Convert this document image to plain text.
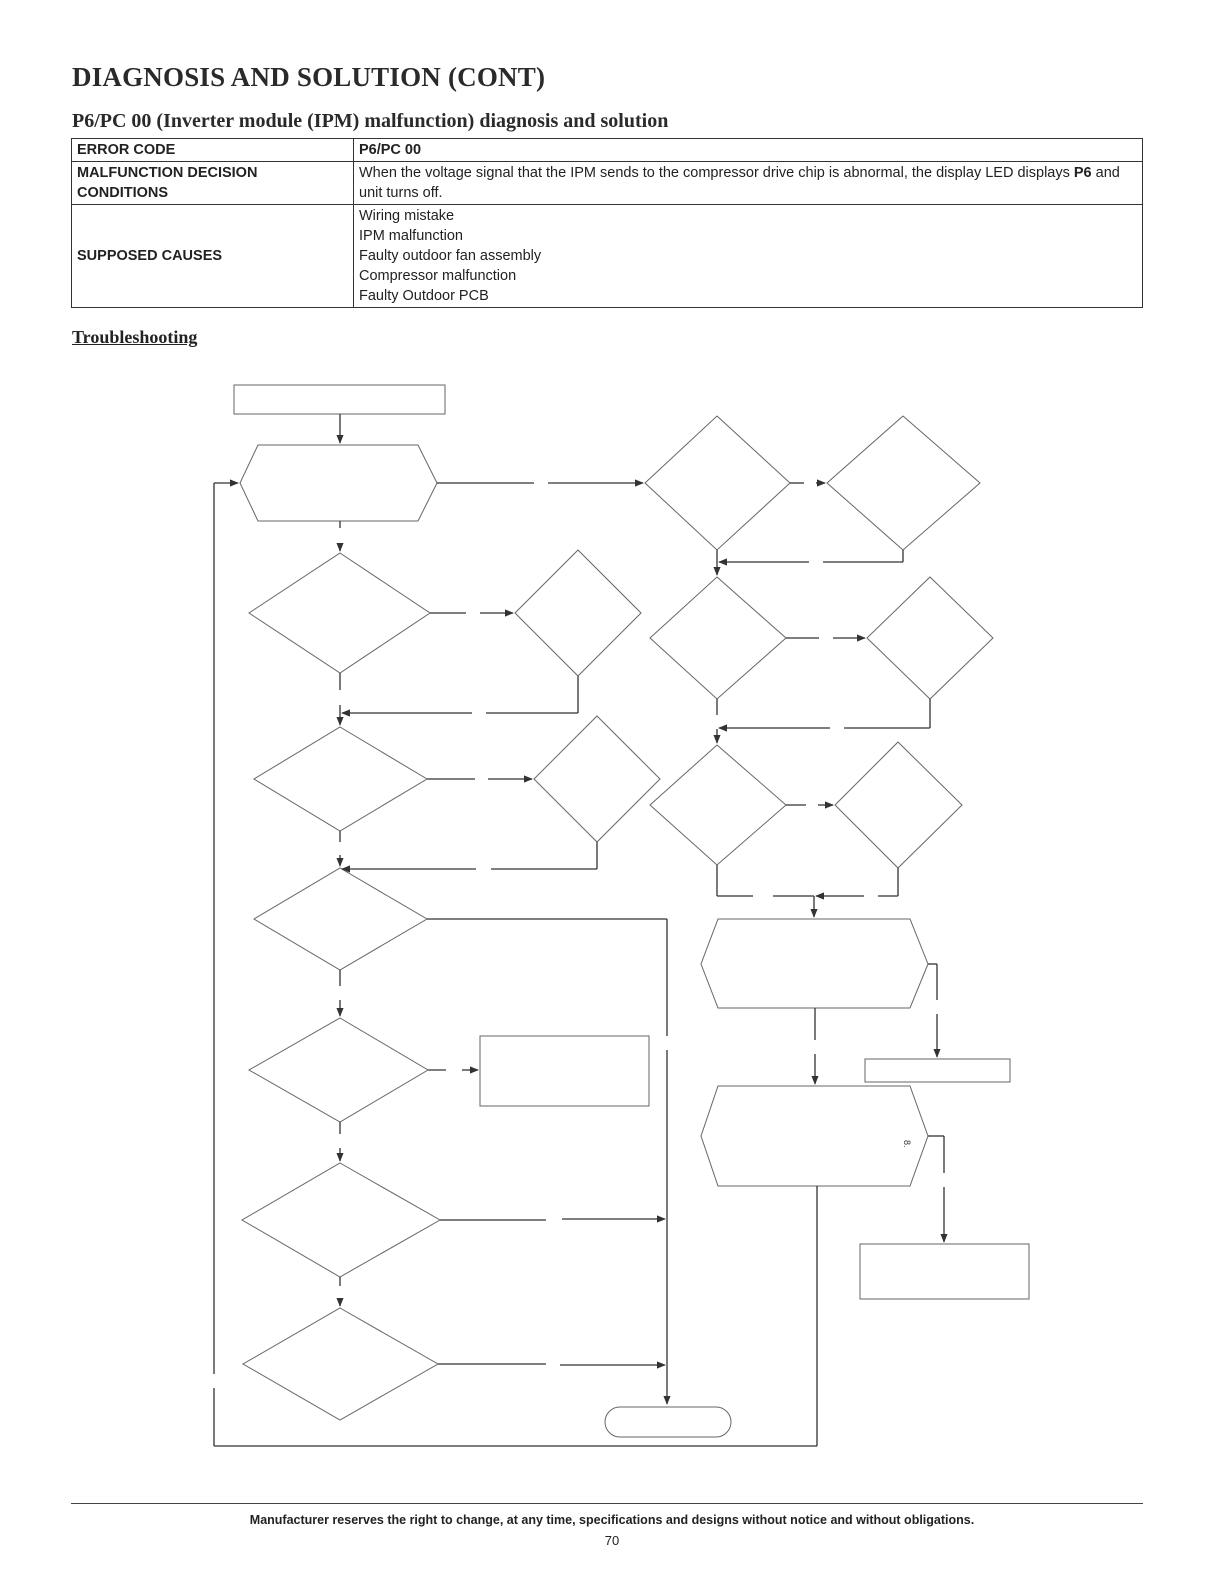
DIAGNOSIS AND SOLUTION (CONT)
P6/PC 00 (Inverter module (IPM) malfunction) diagnosis and solution
ERROR CODE	P6/PC 00
MALFUNCTION DECISION CONDITIONS	When the voltage signal that the IPM sends to the compressor drive chip is abnormal, the display LED displays P6 and unit turns off.
SUPPOSED CAUSES	Wiring mistake
IPM malfunction
Faulty outdoor fan assembly
Compressor malfunction
Faulty Outdoor PCB
Troubleshooting
8.
Manufacturer reserves the right to change, at any time, specifications and designs without notice and without obligations.
70
